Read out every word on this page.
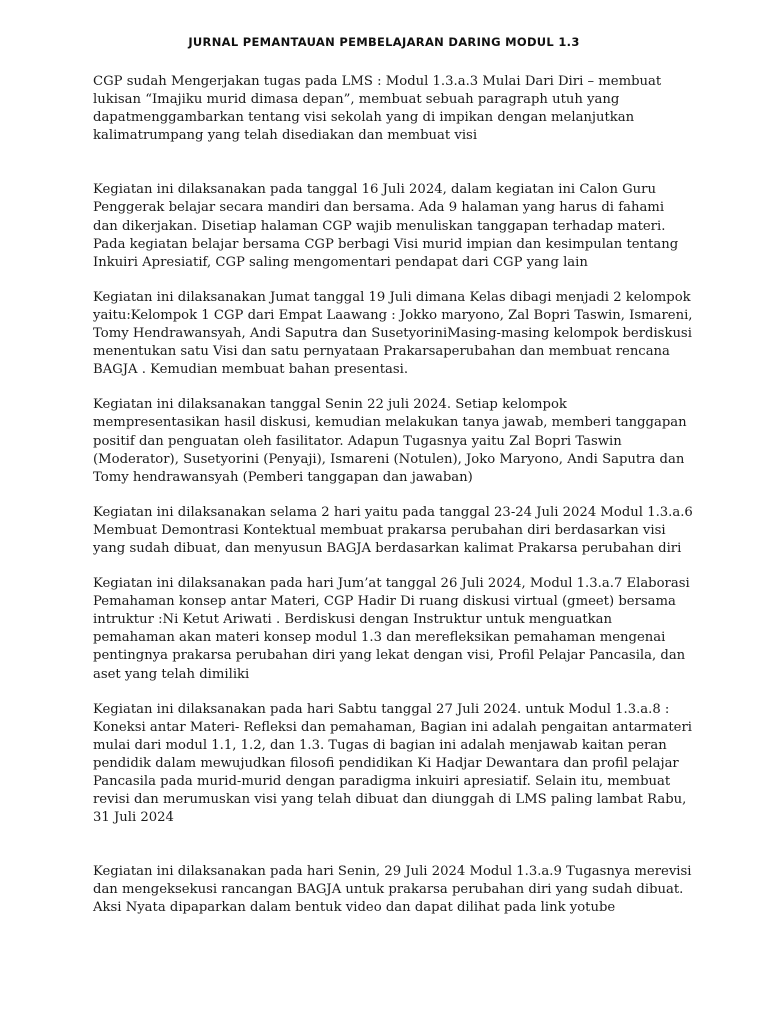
JURNAL PEMANTAUAN PEMBELAJARAN DARING MODUL 1.3

CGP sudah Mengerjakan tugas pada LMS : Modul 1.3.a.3 Mulai Dari Diri – membuat lukisan “Imajiku murid dimasa depan”, membuat sebuah paragraph utuh yang dapatmenggambarkan tentang visi sekolah yang di impikan dengan melanjutkan kalimatrumpang yang telah disediakan dan membuat visi

Kegiatan ini dilaksanakan pada tanggal 16 Juli 2024, dalam kegiatan ini Calon Guru Penggerak belajar secara mandiri dan bersama. Ada 9 halaman yang harus di fahami dan dikerjakan. Disetiap halaman CGP wajib menuliskan tanggapan terhadap materi. Pada kegiatan belajar bersama CGP berbagi Visi murid impian dan kesimpulan tentang Inkuiri Apresiatif, CGP saling mengomentari pendapat dari CGP yang lain

Kegiatan ini dilaksanakan Jumat tanggal 19 Juli dimana Kelas dibagi menjadi 2 kelompok yaitu:Kelompok 1 CGP dari Empat Laawang : Jokko maryono, Zal Bopri Taswin, Ismareni, Tomy Hendrawansyah, Andi Saputra dan SusetyoriniMasing-masing kelompok berdiskusi menentukan satu Visi dan satu pernyataan Prakarsaperubahan dan membuat rencana BAGJA . Kemudian membuat bahan presentasi.

Kegiatan ini dilaksanakan tanggal Senin 22 juli 2024. Setiap kelompok mempresentasikan hasil diskusi, kemudian melakukan tanya jawab, memberi tanggapan positif dan penguatan oleh fasilitator. Adapun Tugasnya yaitu Zal Bopri Taswin (Moderator), Susetyorini (Penyaji), Ismareni (Notulen), Joko Maryono, Andi Saputra dan Tomy hendrawansyah (Pemberi tanggapan dan jawaban)

Kegiatan ini dilaksanakan selama 2 hari yaitu pada tanggal 23-24 Juli 2024 Modul 1.3.a.6 Membuat Demontrasi Kontektual membuat prakarsa perubahan diri berdasarkan visi yang sudah dibuat, dan menyusun BAGJA berdasarkan kalimat Prakarsa perubahan diri

Kegiatan ini dilaksanakan pada hari Jum’at tanggal 26 Juli 2024, Modul 1.3.a.7 Elaborasi Pemahaman konsep antar Materi, CGP Hadir Di ruang diskusi virtual (gmeet) bersama intruktur :Ni Ketut Ariwati . Berdiskusi dengan Instruktur untuk menguatkan pemahaman akan materi konsep modul 1.3 dan merefleksikan pemahaman mengenai pentingnya prakarsa perubahan diri yang lekat dengan visi, Profil Pelajar Pancasila, dan aset yang telah dimiliki

Kegiatan ini dilaksanakan pada hari Sabtu tanggal 27 Juli 2024. untuk Modul 1.3.a.8 : Koneksi antar Materi- Refleksi dan pemahaman, Bagian ini adalah pengaitan antarmateri mulai dari modul 1.1, 1.2, dan 1.3. Tugas di bagian ini adalah menjawab kaitan peran pendidik dalam mewujudkan filosofi pendidikan Ki Hadjar Dewantara dan profil pelajar Pancasila pada murid-murid dengan paradigma inkuiri apresiatif. Selain itu, membuat revisi dan merumuskan visi yang telah dibuat dan diunggah di LMS paling lambat Rabu, 31 Juli 2024

Kegiatan ini dilaksanakan pada hari Senin, 29 Juli 2024 Modul 1.3.a.9 Tugasnya merevisi dan mengeksekusi rancangan BAGJA untuk prakarsa perubahan diri yang sudah dibuat. Aksi Nyata dipaparkan dalam bentuk video dan dapat dilihat pada link yotube
